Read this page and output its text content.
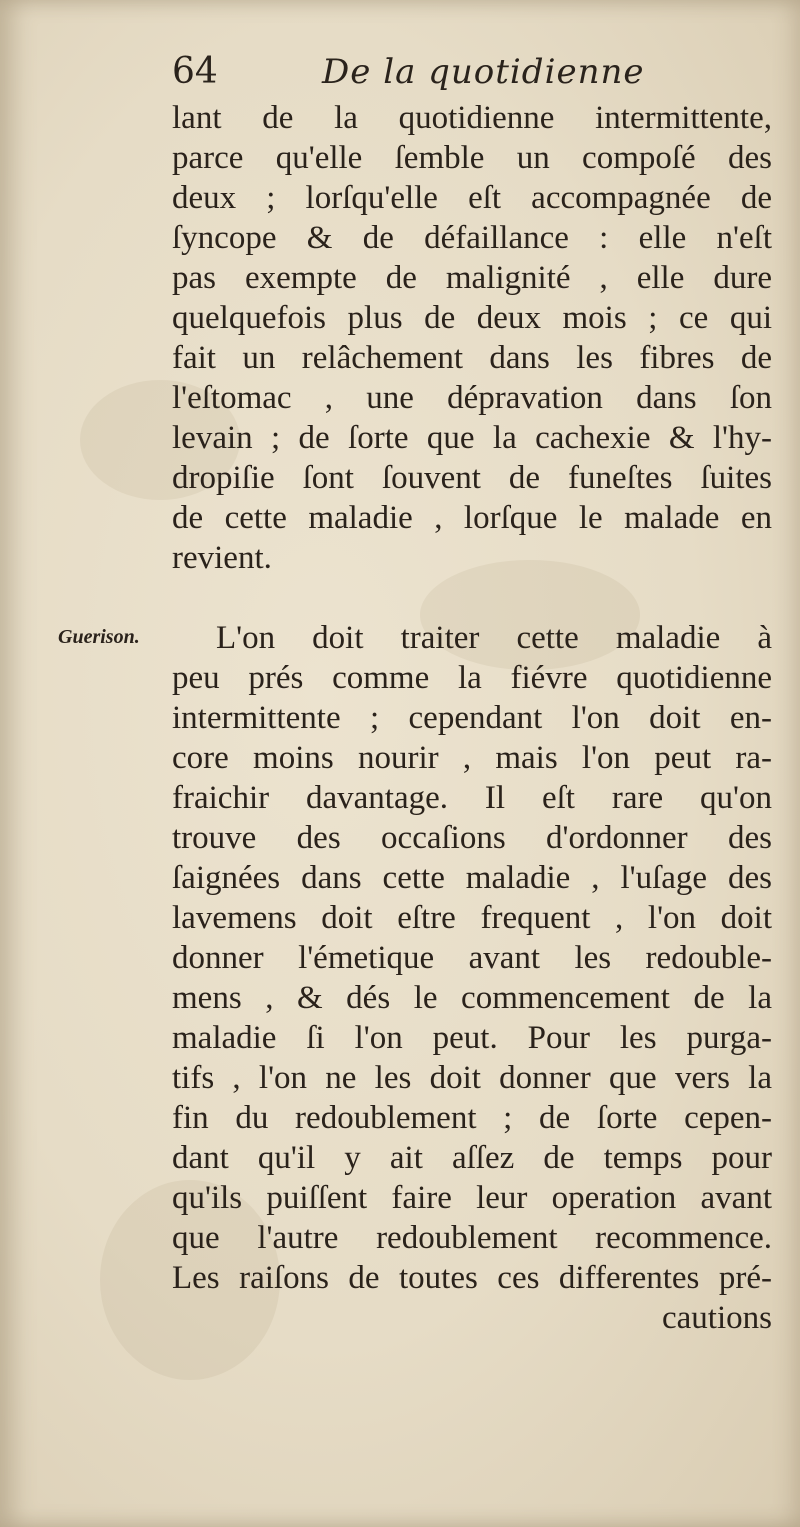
64	De la quotidienne
Guerison.
lant de la quotidienne intermittente,
parce qu'elle ſemble un compoſé des
deux ; lorſqu'elle eſt accompagnée de
ſyncope & de défaillance : elle n'eſt
pas exempte de malignité , elle dure
quelquefois plus de deux mois ; ce qui
fait un relâchement dans les fibres de
l'eſtomac , une dépravation dans ſon
levain ; de ſorte que la cachexie & l'hy-
dropiſie ſont ſouvent de funeſtes ſuites
de cette maladie , lorſque le malade en
revient.
L'on doit traiter cette maladie à
peu prés comme la fiévre quotidienne
intermittente ; cependant l'on doit en-
core moins nourir , mais l'on peut ra-
fraichir davantage. Il eſt rare qu'on
trouve des occaſions d'ordonner des
ſaignées dans cette maladie , l'uſage des
lavemens doit eſtre frequent , l'on doit
donner l'émetique avant les redouble-
mens , & dés le commencement de la
maladie ſi l'on peut. Pour les purga-
tifs , l'on ne les doit donner que vers la
fin du redoublement ; de ſorte cepen-
dant qu'il y ait aſſez de temps pour
qu'ils puiſſent faire leur operation avant
que l'autre redoublement recommence.
Les raiſons de toutes ces differentes pré-
cautions
